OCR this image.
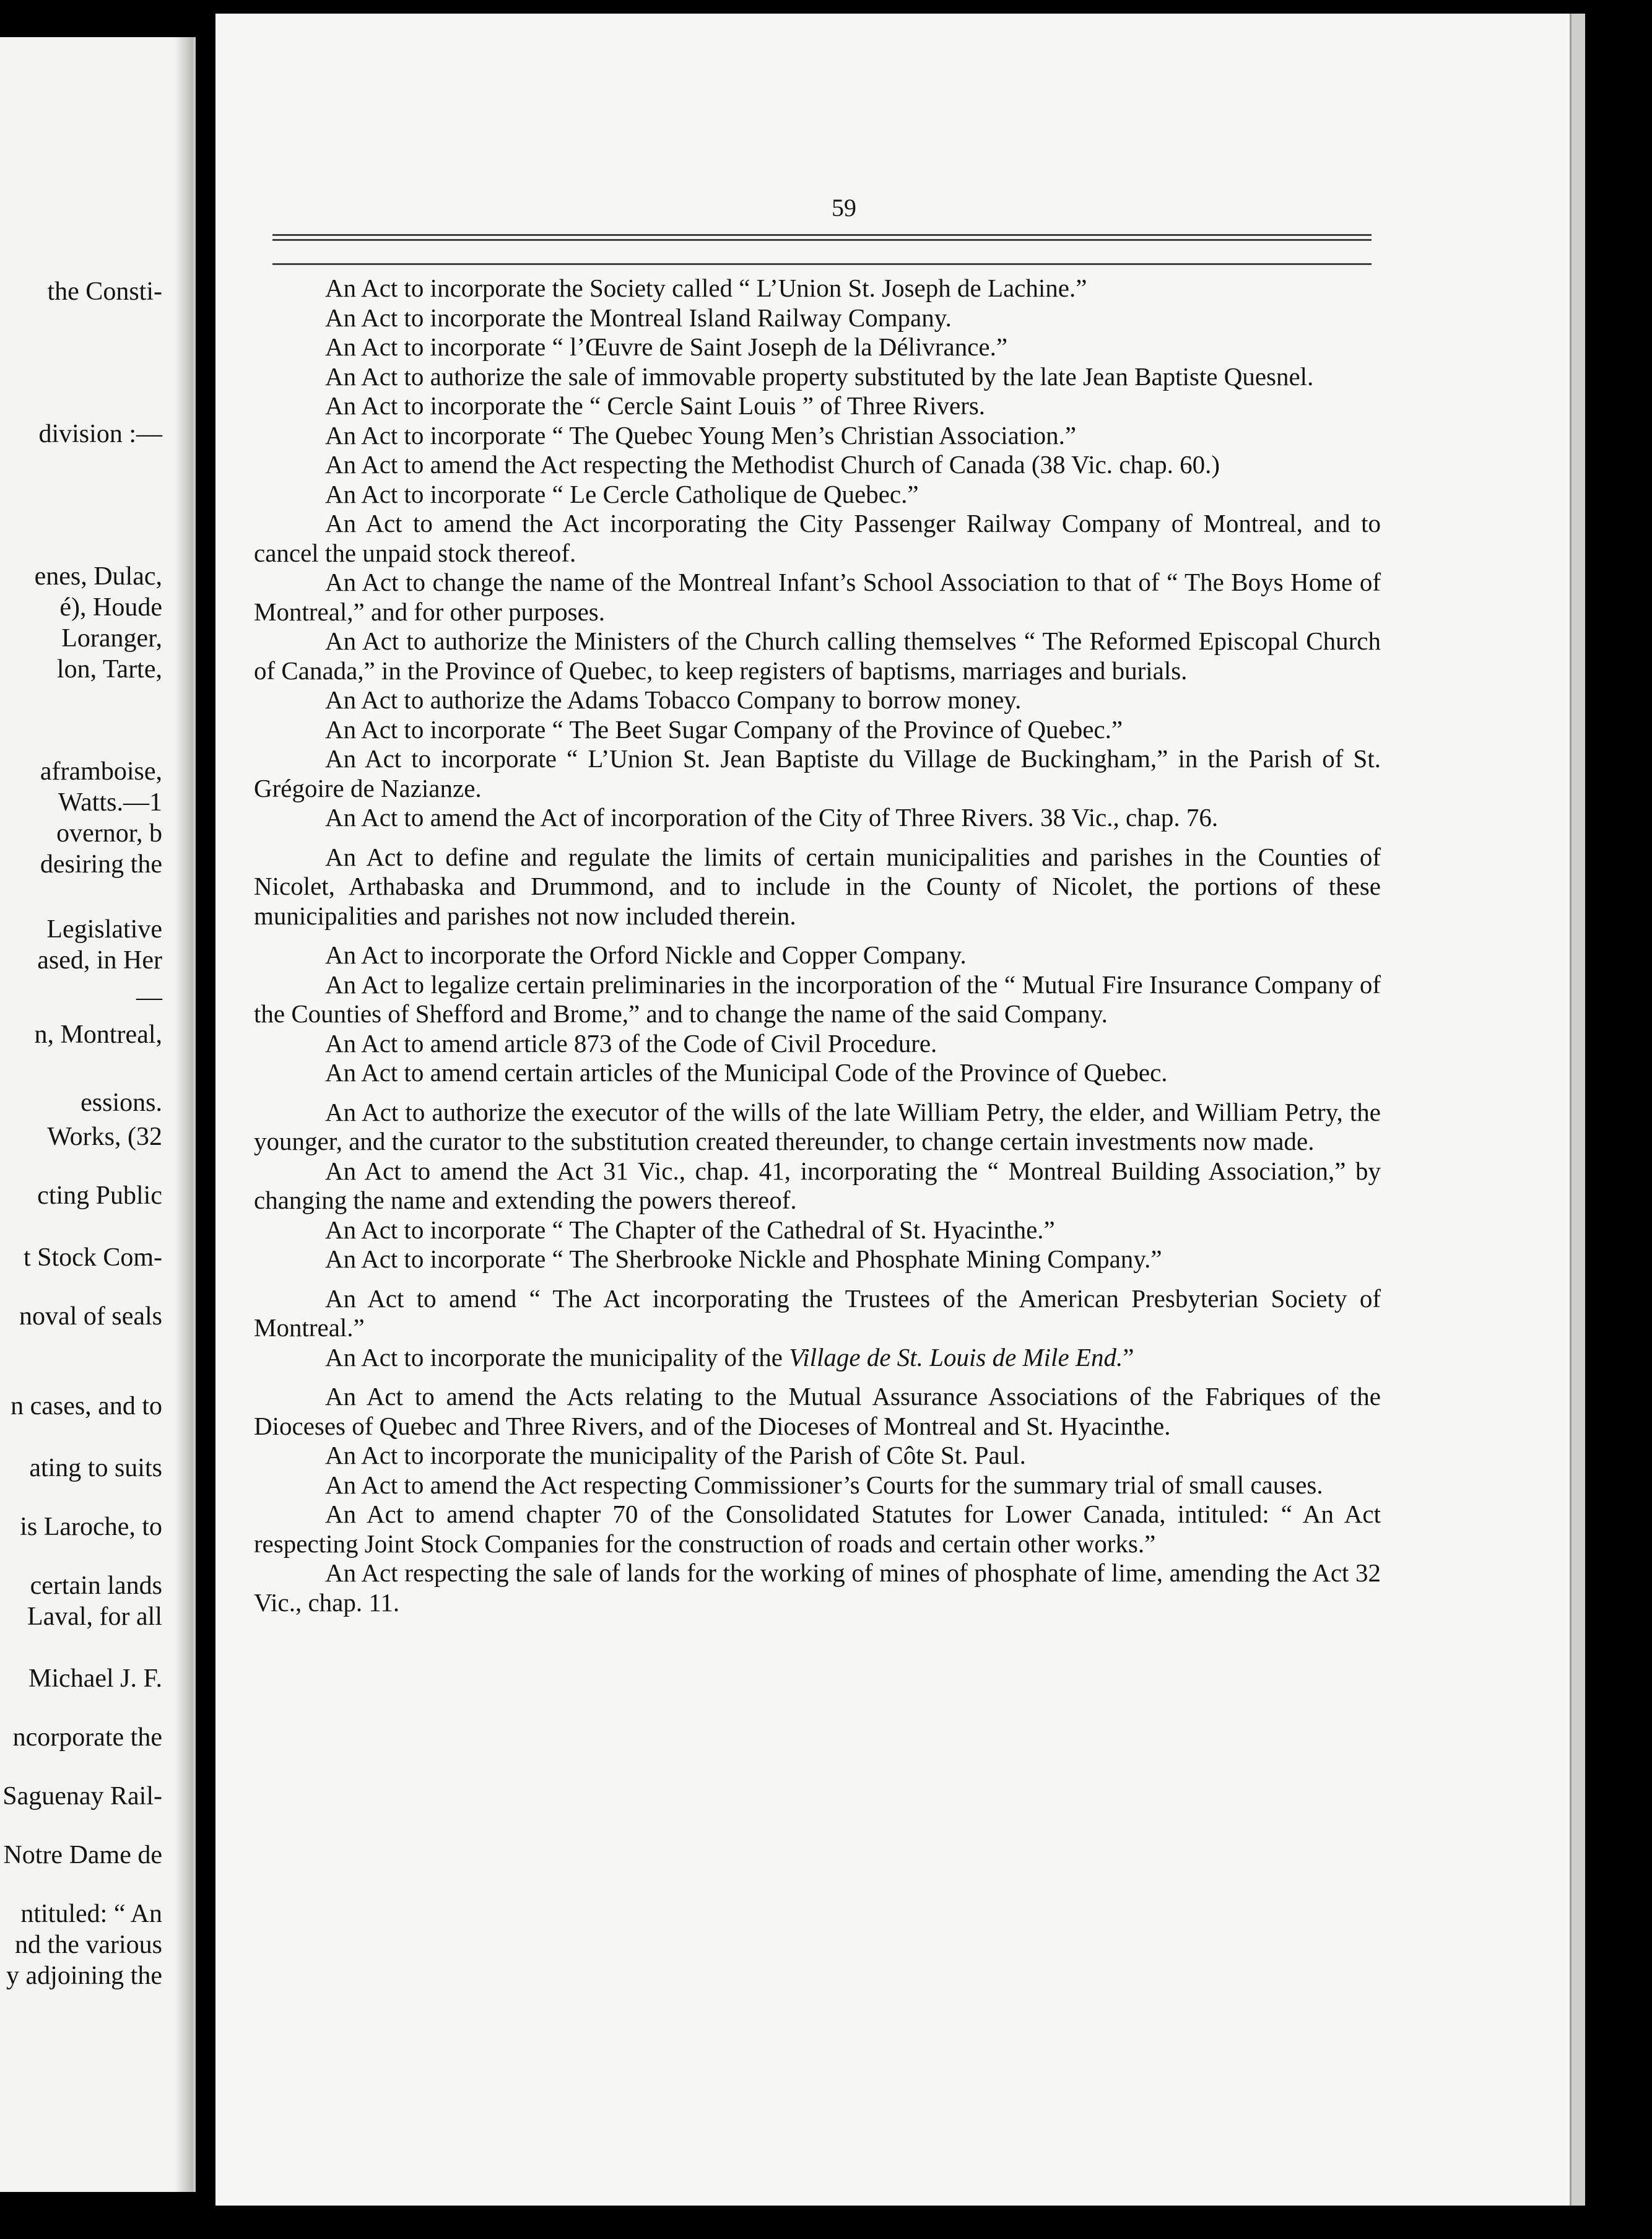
the Consti-
division :—
enes, Dulac,
é), Houde
Loranger,
lon, Tarte,
aframboise,
Watts.—1
overnor, b
desiring the
Legislative
ased, in Her
—
n, Montreal,
essions.
Works, (32
cting Public
t Stock Com-
noval of seals
n cases, and to
ating to suits
is Laroche, to
certain lands
Laval, for all
Michael J. F.
ncorporate the
Saguenay Rail-
Notre Dame de
ntituled: “ An
nd the various
y adjoining the
59

An Act to incorporate the Society called “ L’Union St. Joseph de Lachine.”

An Act to incorporate the Montreal Island Railway Company.

An Act to incorporate “ l’Œuvre de Saint Joseph de la Délivrance.”

An Act to authorize the sale of immovable property substituted by the late Jean Baptiste Quesnel.

An Act to incorporate the “ Cercle Saint Louis ” of Three Rivers.

An Act to incorporate “ The Quebec Young Men’s Christian Association.”

An Act to amend the Act respecting the Methodist Church of Canada (38 Vic. chap. 60.)

An Act to incorporate “ Le Cercle Catholique de Quebec.”

An Act to amend the Act incorporating the City Passenger Railway Company of Montreal, and to cancel the unpaid stock thereof.

An Act to change the name of the Montreal Infant’s School Association to that of “ The Boys Home of Montreal,” and for other purposes.

An Act to authorize the Ministers of the Church calling themselves “ The Reformed Episcopal Church of Canada,” in the Province of Quebec, to keep registers of baptisms, marriages and burials.

An Act to authorize the Adams Tobacco Company to borrow money.

An Act to incorporate “ The Beet Sugar Company of the Province of Quebec.”

An Act to incorporate “ L’Union St. Jean Baptiste du Village de Buckingham,” in the Parish of St. Grégoire de Nazianze.

An Act to amend the Act of incorporation of the City of Three Rivers. 38 Vic., chap. 76.

An Act to define and regulate the limits of certain municipalities and parishes in the Counties of Nicolet, Arthabaska and Drummond, and to include in the County of Nicolet, the portions of these municipalities and parishes not now included therein.

An Act to incorporate the Orford Nickle and Copper Company.

An Act to legalize certain preliminaries in the incorporation of the “ Mutual Fire Insurance Company of the Counties of Shefford and Brome,” and to change the name of the said Company.

An Act to amend article 873 of the Code of Civil Procedure.

An Act to amend certain articles of the Municipal Code of the Province of Quebec.

An Act to authorize the executor of the wills of the late William Petry, the elder, and William Petry, the younger, and the curator to the substitution created thereunder, to change certain investments now made.

An Act to amend the Act 31 Vic., chap. 41, incorporating the “ Montreal Building Association,” by changing the name and extending the powers thereof.

An Act to incorporate “ The Chapter of the Cathedral of St. Hyacinthe.”

An Act to incorporate “ The Sherbrooke Nickle and Phosphate Mining Company.”

An Act to amend “ The Act incorporating the Trustees of the American Presbyterian Society of Montreal.”

An Act to incorporate the municipality of the Village de St. Louis de Mile End.”

An Act to amend the Acts relating to the Mutual Assurance Associations of the Fabriques of the Dioceses of Quebec and Three Rivers, and of the Dioceses of Montreal and St. Hyacinthe.

An Act to incorporate the municipality of the Parish of Côte St. Paul.

An Act to amend the Act respecting Commissioner’s Courts for the summary trial of small causes.

An Act to amend chapter 70 of the Consolidated Statutes for Lower Canada, intituled: “ An Act respecting Joint Stock Companies for the construction of roads and certain other works.”

An Act respecting the sale of lands for the working of mines of phosphate of lime, amending the Act 32 Vic., chap. 11.
